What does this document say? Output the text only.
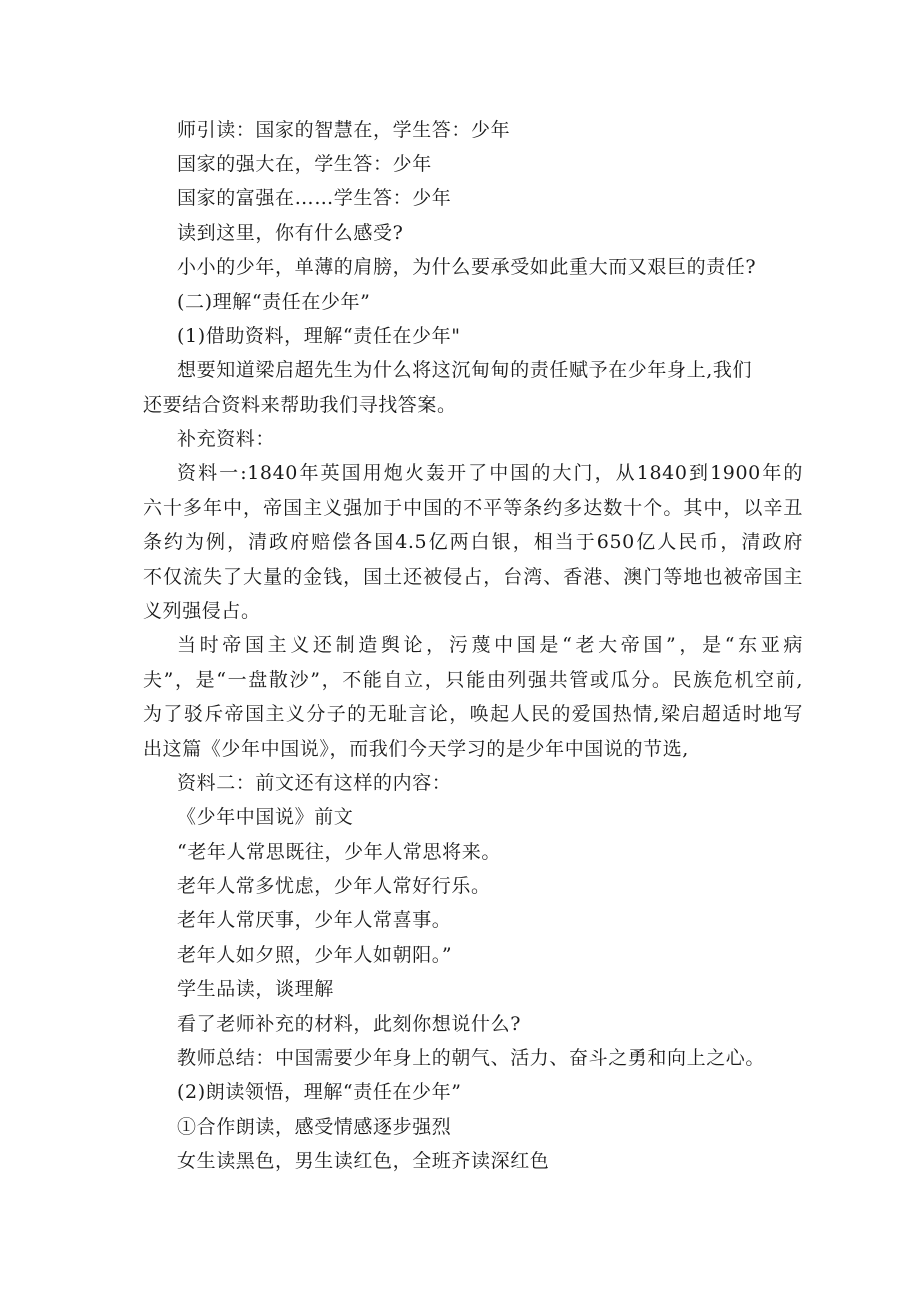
师引读：国家的智慧在，学生答：少年
国家的强大在，学生答：少年
国家的富强在……学生答：少年
读到这里，你有什么感受?
小小的少年，单薄的肩膀，为什么要承受如此重大而又艰巨的责任?
(二)理解“责任在少年”
(1)借助资料，理解“责任在少年"
想要知道梁启超先生为什么将这沉甸甸的责任赋予在少年身上,我们
还要结合资料来帮助我们寻找答案。
补充资料：
资料一:1840年英国用炮火轰开了中国的大门，从1840到1900年的
六十多年中，帝国主义强加于中国的不平等条约多达数十个。其中，以辛丑
条约为例，清政府赔偿各国4.5亿两白银，相当于650亿人民币，清政府
不仅流失了大量的金钱，国土还被侵占，台湾、香港、澳门等地也被帝国主
义列强侵占。
当时帝国主义还制造舆论，污蔑中国是“老大帝国”，是“东亚病
夫”，是“一盘散沙”，不能自立，只能由列强共管或瓜分。民族危机空前,
为了驳斥帝国主义分子的无耻言论，唤起人民的爱国热情,梁启超适时地写
出这篇《少年中国说》，而我们今天学习的是少年中国说的节选,
资料二：前文还有这样的内容：
《少年中国说》前文
“老年人常思既往，少年人常思将来。
老年人常多忧虑，少年人常好行乐。
老年人常厌事，少年人常喜事。
老年人如夕照，少年人如朝阳。”
学生品读，谈理解
看了老师补充的材料，此刻你想说什么?
教师总结：中国需要少年身上的朝气、活力、奋斗之勇和向上之心。
(2)朗读领悟，理解“责任在少年”
①合作朗读，感受情感逐步强烈
女生读黑色，男生读红色，全班齐读深红色
